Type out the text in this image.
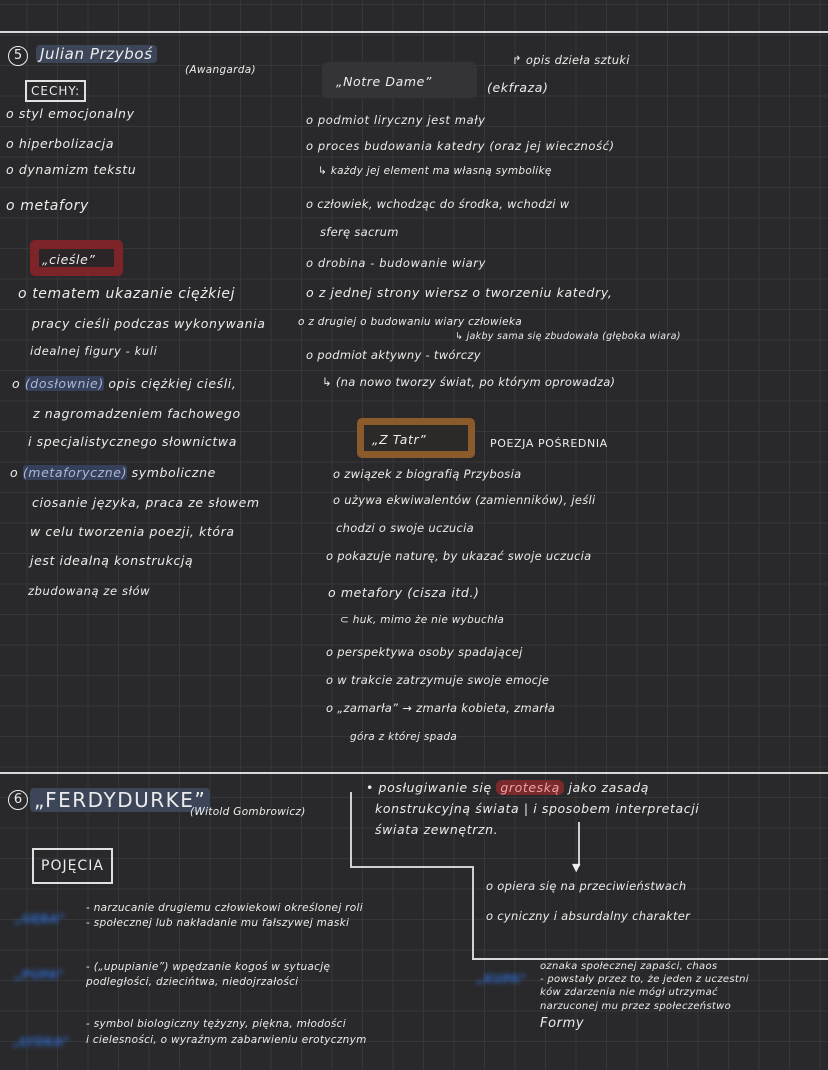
5	Julian Przyboś
(Awangarda)
CECHY:
o styl emocjonalny
o hiperbolizacja
o dynamizm tekstu
o metafory
„cieśle”
o tematem ukazanie ciężkiej
pracy cieśli podczas wykonywania
idealnej figury - kuli
o (dosłownie) opis ciężkiej cieśli,
z nagromadzeniem fachowego
i specjalistycznego słownictwa
o (metaforyczne) symboliczne
ciosanie języka, praca ze słowem
w celu tworzenia poezji, która
jest idealną konstrukcją
zbudowaną ze słów
„Notre Dame”
↱ opis dzieła sztuki
(ekfraza)
o podmiot liryczny jest mały
o proces budowania katedry (oraz jej wieczność)
↳ każdy jej element ma własną symbolikę
o człowiek, wchodząc do środka, wchodzi w
sferę sacrum
o drobina - budowanie wiary
o z jednej strony wiersz o tworzeniu katedry,
o z drugiej o budowaniu wiary człowieka
↳ jakby sama się zbudowała (głęboka wiara)
o podmiot aktywny - twórczy
↳ (na nowo tworzy świat, po którym oprowadza)
„Z Tatr”	POEZJA POŚREDNIA
o związek z biografią Przybosia
o używa ekwiwalentów (zamienników), jeśli
chodzi o swoje uczucia
o pokazuje naturę, by ukazać swoje uczucia
o metafory (cisza itd.)
⊂ huk, mimo że nie wybuchła
o perspektywa osoby spadającej
o w trakcie zatrzymuje swoje emocje
o „zamarła” → zmarła kobieta, zmarła
góra z której spada
6 „FERDYDURKE”
(Witold Gombrowicz)
▼
• posługiwanie się groteską jako zasadą
konstrukcyjną świata | i sposobem interpretacji
świata zewnętrzn.
o opiera się na przeciwieństwach
o cyniczny i absurdalny charakter
POJĘCIA
„GĘBA”
- narzucanie drugiemu człowiekowi określonej roli
- społecznej lub nakładanie mu fałszywej maski
„PUPA”
- („upupianie”) wpędzanie kogoś w sytuację
podległości, dziecińtwa, niedojrzałości
„ŁYDKA”
- symbol biologiczny tężyzny, piękna, młodości
i cielesności, o wyraźnym zabarwieniu erotycznym
„KUPA”
oznaka społecznej zapaści, chaos
- powstały przez to, że jeden z uczestni
ków zdarzenia nie mógł utrzymać
narzuconej mu przez społeczeństwo
Formy
